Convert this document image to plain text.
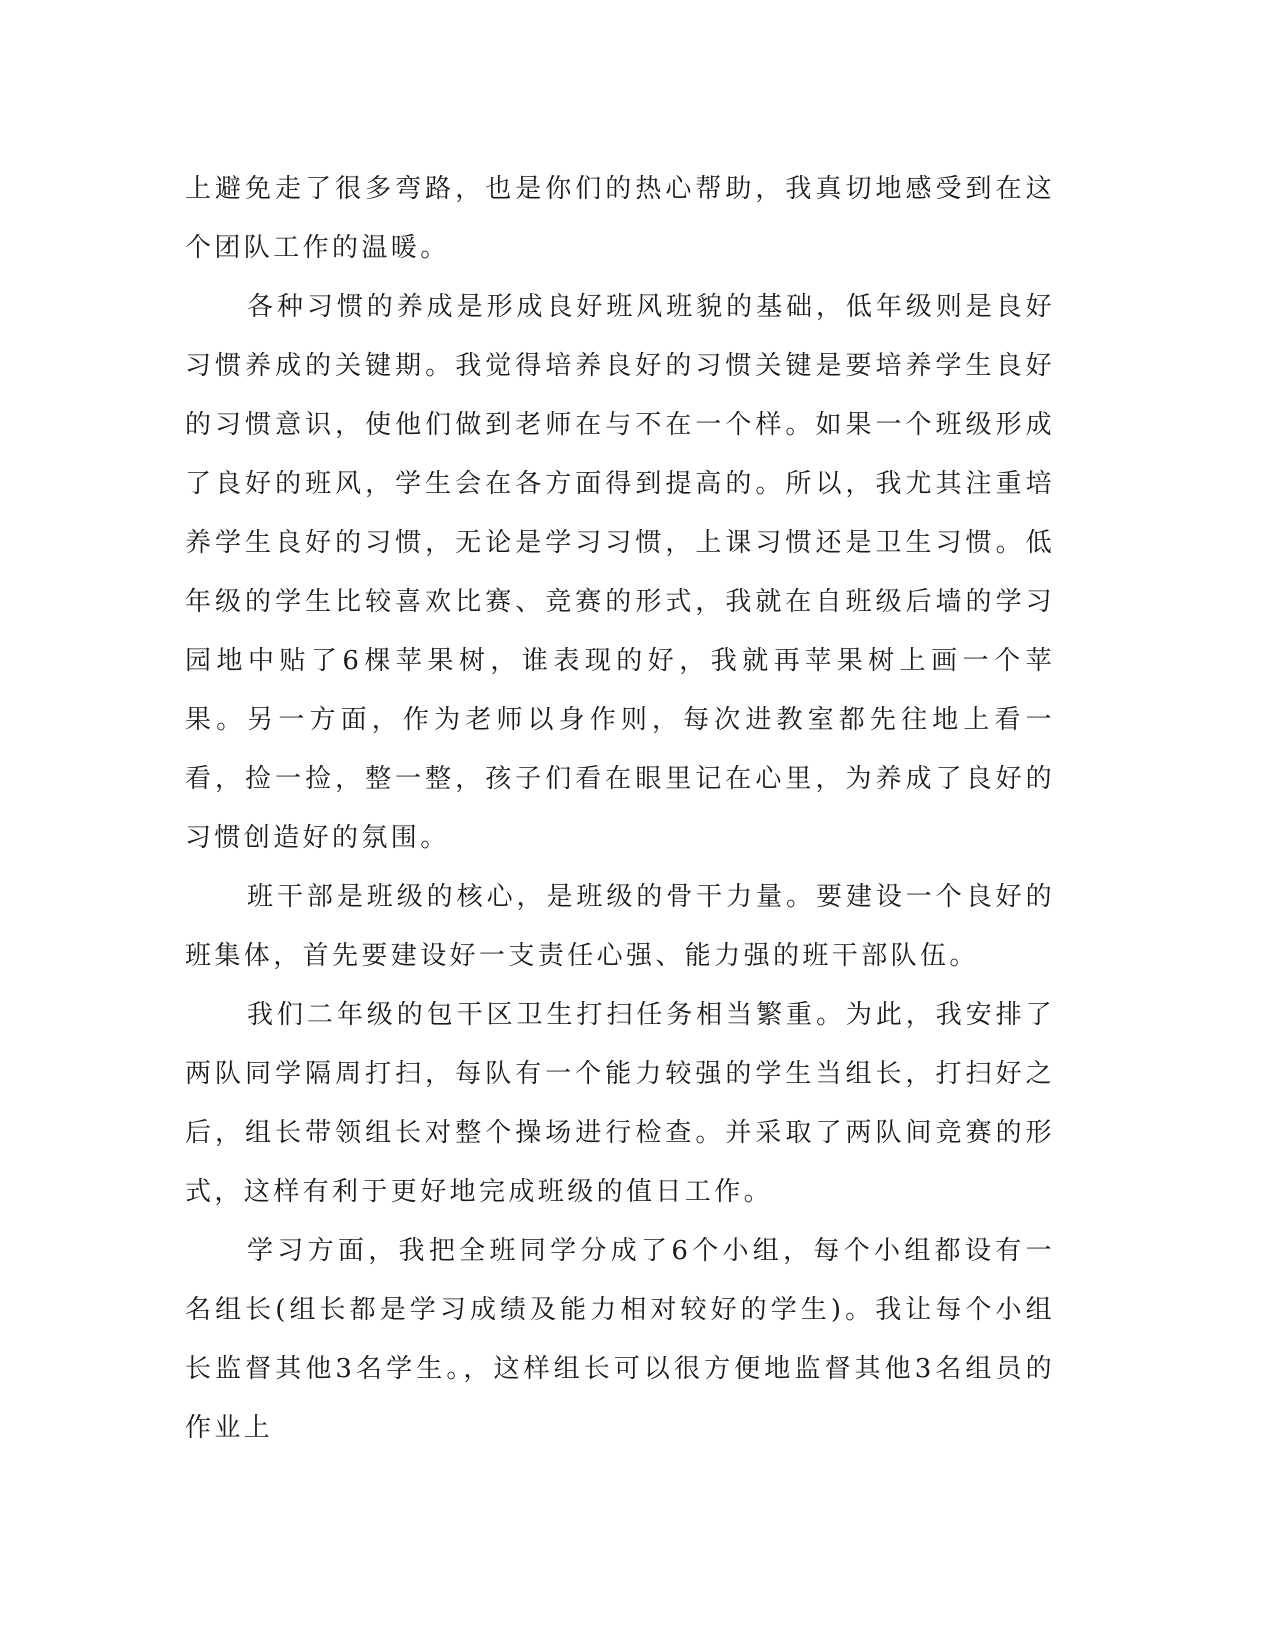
上避免走了很多弯路，也是你们的热心帮助，我真切地感受到在这个团队工作的温暖。

各种习惯的养成是形成良好班风班貌的基础，低年级则是良好习惯养成的关键期。我觉得培养良好的习惯关键是要培养学生良好的习惯意识，使他们做到老师在与不在一个样。如果一个班级形成了良好的班风，学生会在各方面得到提高的。所以，我尤其注重培养学生良好的习惯，无论是学习习惯，上课习惯还是卫生习惯。低年级的学生比较喜欢比赛、竞赛的形式，我就在自班级后墙的学习园地中贴了6棵苹果树，谁表现的好，我就再苹果树上画一个苹果。另一方面，作为老师以身作则，每次进教室都先往地上看一看，捡一捡，整一整，孩子们看在眼里记在心里，为养成了良好的习惯创造好的氛围。

班干部是班级的核心，是班级的骨干力量。要建设一个良好的班集体，首先要建设好一支责任心强、能力强的班干部队伍。

我们二年级的包干区卫生打扫任务相当繁重。为此，我安排了两队同学隔周打扫，每队有一个能力较强的学生当组长，打扫好之后，组长带领组长对整个操场进行检查。并采取了两队间竞赛的形式，这样有利于更好地完成班级的值日工作。

学习方面，我把全班同学分成了6个小组，每个小组都设有一名组长(组长都是学习成绩及能力相对较好的学生)。我让每个小组长监督其他3名学生。，这样组长可以很方便地监督其他3名组员的作业上
